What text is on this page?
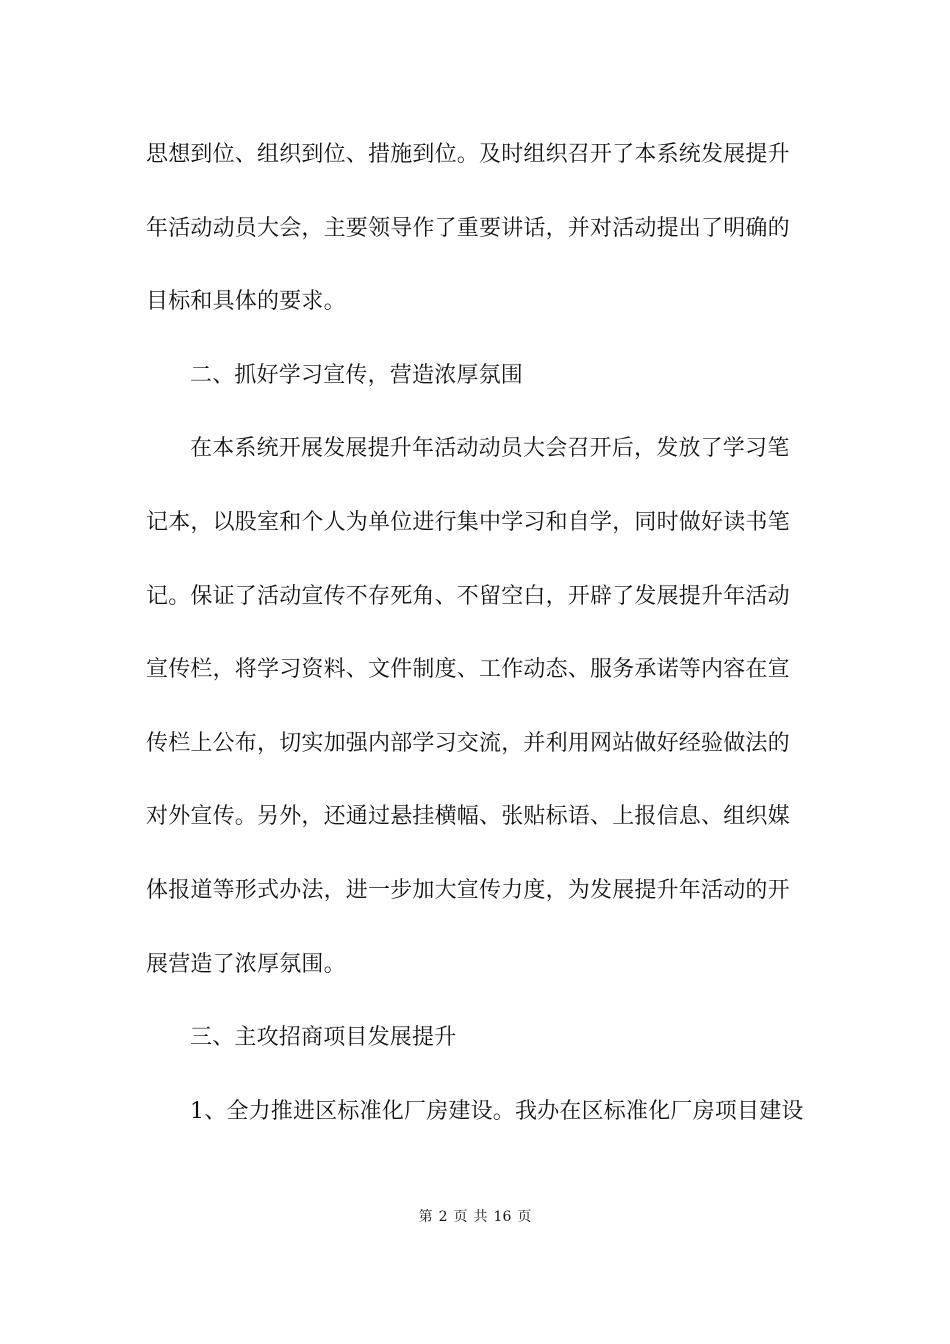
思想到位、组织到位、措施到位。及时组织召开了本系统发展提升
年活动动员大会，主要领导作了重要讲话，并对活动提出了明确的
目标和具体的要求。
二、抓好学习宣传，营造浓厚氛围
在本系统开展发展提升年活动动员大会召开后，发放了学习笔
记本，以股室和个人为单位进行集中学习和自学，同时做好读书笔
记。保证了活动宣传不存死角、不留空白，开辟了发展提升年活动
宣传栏，将学习资料、文件制度、工作动态、服务承诺等内容在宣
传栏上公布，切实加强内部学习交流，并利用网站做好经验做法的
对外宣传。另外，还通过悬挂横幅、张贴标语、上报信息、组织媒
体报道等形式办法，进一步加大宣传力度，为发展提升年活动的开
展营造了浓厚氛围。
三、主攻招商项目发展提升
1、全力推进区标准化厂房建设。我办在区标准化厂房项目建设
第 2 页 共 16 页
